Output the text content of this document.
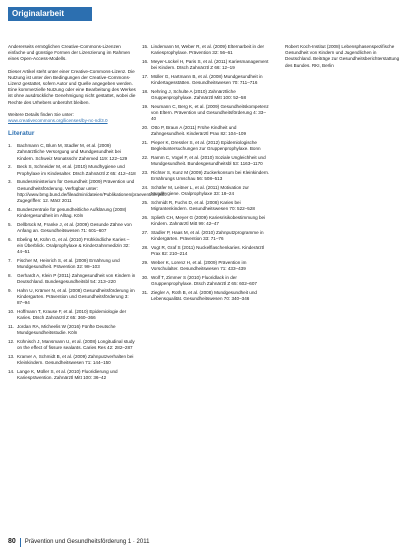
Originalarbeit

Andererseits ermöglichen Creative-Commons-Lizenzen einfache und günstige Formen der Lizenzierung im Rahmen eines Open-Access-Modells.

Dieser Artikel steht unter einer Creative-Commons-Lizenz. Die Nutzung ist unter den Bedingungen der Creative-Commons-Lizenz gestattet, sofern Autor und Quelle angegeben werden. Eine kommerzielle Nutzung oder eine Bearbeitung des Werkes ist ohne ausdrückliche Genehmigung nicht gestattet, wobei die Rechte des Urhebers unberührt bleiben.

Weitere Details finden Sie unter: www.creativecommons.org/licenses/by-nc-nd/3.0

Literatur
1.	Bachmann C, Blum M, Stadler M, et al. (2009) Zahnärztliche Versorgung und Mundgesundheit bei Kindern. Schweiz Monatsschr Zahnmed 119: 122–129
2.	Beck S, Schneider M, et al. (2010) Mundhygiene und Prophylaxe im Kindesalter. Dtsch Zahnärztl Z 65: 412–418
3.	Bundesministerium für Gesundheit (2009) Prävention und Gesundheitsförderung. Verfügbar unter: http://www.bmg.bund.de/fileadmin/dateien/Publikationen/praevention.pdf. Zugegriffen: 12. März 2011
4.	Bundeszentrale für gesundheitliche Aufklärung (2008) Kindergesundheit im Alltag. Köln
5.	Dellbrück M, Franke J, et al. (2009) Gesunde Zähne von Anfang an. Gesundheitswesen 71: 601–607
6.	Ebeling M, Kühn G, et al. (2010) Frühkindliche Karies – ein Überblick. Oralprophylaxe & Kinderzahnmedizin 32: 44–51
7.	Fischer M, Heinrich S, et al. (2009) Ernährung und Mundgesundheit. Prävention 32: 98–103
8.	Gerhardt A, Klein P (2011) Zahngesundheit von Kindern in Deutschland. Bundesgesundheitsbl 54: 213–220
9.	Hahn U, Krämer N, et al. (2008) Gesundheitsförderung im Kindergarten. Prävention und Gesundheitsförderung 3: 87–94
10. Hoffmann T, Krause F, et al. (2010) Epidemiologie der Karies. Dtsch Zahnärztl Z 65: 360–366
11. Jordan RA, Micheelis W (2016) Fünfte Deutsche Mundgesundheitsstudie. Köln
12. Kühnisch J, Mansmann U, et al. (2008) Longitudinal study on the effect of fissure sealants. Caries Res 42: 282–287
13. Kramer A, Schmidt B, et al. (2009) Zahnputzverhalten bei Kleinkindern. Gesundheitswesen 71: 144–150
14. Lange K, Müller S, et al. (2010) Fluoridierung und Kariesprävention. Zahnärztl Mitt 100: 36–42
15. Lindemann M, Weber R, et al. (2009) Elternarbeit in der Kariesprophylaxe. Prävention 32: 56–61
16. Meyer-Lückel H, Paris S, et al. (2011) Kariesmanagement bei Kindern. Dtsch Zahnärztl Z 66: 12–19
17. Müller G, Hartmann B, et al. (2008) Mundgesundheit in Kindertagesstätten. Gesundheitswesen 70: 711–716
18. Nehring J, Schulte A (2010) Zahnärztliche Gruppenprophylaxe. Zahnärztl Mitt 100: 52–58
19. Neumann C, Berg K, et al. (2009) Gesundheitskompetenz von Eltern. Prävention und Gesundheitsförderung 4: 33–40
20. Otto P, Braun A (2011) Frühe Kindheit und Zahngesundheit. Kinderärztl Prax 82: 104–109
21. Pieper K, Dressler S, et al. (2012) Epidemiologische Begleituntersuchungen zur Gruppenprophylaxe. Bonn
22. Ramm C, Vogel F, et al. (2010) Soziale Ungleichheit und Mundgesundheit. Bundesgesundheitsbl 53: 1163–1170
23. Richter S, Kunz M (2009) Zuckerkonsum bei Kleinkindern. Ernährungs Umschau 56: 508–513
24. Schäfer M, Leitner L, et al. (2011) Motivation zur Mundhygiene. Oralprophylaxe 33: 18–24
25. Schmidt R, Fuchs D, et al. (2008) Karies bei Migrantenkindern. Gesundheitswesen 70: 522–528
26. Splieth CH, Meyer G (2009) Kariesrisikobestimmung bei Kindern. Zahnärztl Mitt 99: 42–47
27. Stadler P, Haas M, et al. (2010) Zahnputzprogramme in Kindergärten. Prävention 33: 71–76
28. Vogt R, Graf S (2011) Nuckelflaschenkaries. Kinderärztl Prax 82: 210–214
29. Weber K, Lorenz H, et al. (2009) Prävention im Vorschulalter. Gesundheitswesen 71: 433–439
30. Wolf T, Zimmer S (2010) Fluoridlack in der Gruppenprophylaxe. Dtsch Zahnärztl Z 65: 602–607
31. Ziegler A, Roth B, et al. (2008) Mundgesundheit und Lebensqualität. Gesundheitswesen 70: 340–346
Robert Koch-Institut (2008) Lebensphasenspezifische Gesundheit von Kindern und Jugendlichen in Deutschland. Beiträge zur Gesundheitsberichterstattung des Bundes. RKI, Berlin
80	Prävention und Gesundheitsförderung 1 · 2011
